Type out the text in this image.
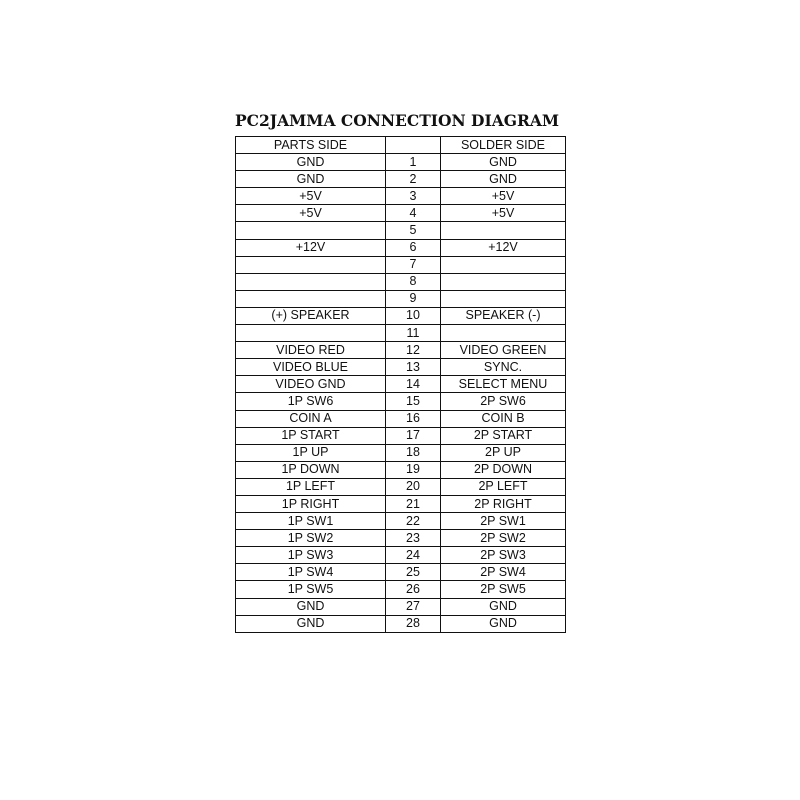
PC2JAMMA CONNECTION DIAGRAM
PARTS SIDE		SOLDER SIDE
GND	1	GND
GND	2	GND
+5V	3	+5V
+5V	4	+5V
	5	
+12V	6	+12V
	7	
	8	
	9	
(+) SPEAKER	10	SPEAKER (-)
	11	
VIDEO RED	12	VIDEO GREEN
VIDEO BLUE	13	SYNC.
VIDEO GND	14	SELECT MENU
1P SW6	15	2P SW6
COIN A	16	COIN B
1P START	17	2P START
1P UP	18	2P UP
1P DOWN	19	2P DOWN
1P LEFT	20	2P LEFT
1P RIGHT	21	2P RIGHT
1P SW1	22	2P SW1
1P SW2	23	2P SW2
1P SW3	24	2P SW3
1P SW4	25	2P SW4
1P SW5	26	2P SW5
GND	27	GND
GND	28	GND
